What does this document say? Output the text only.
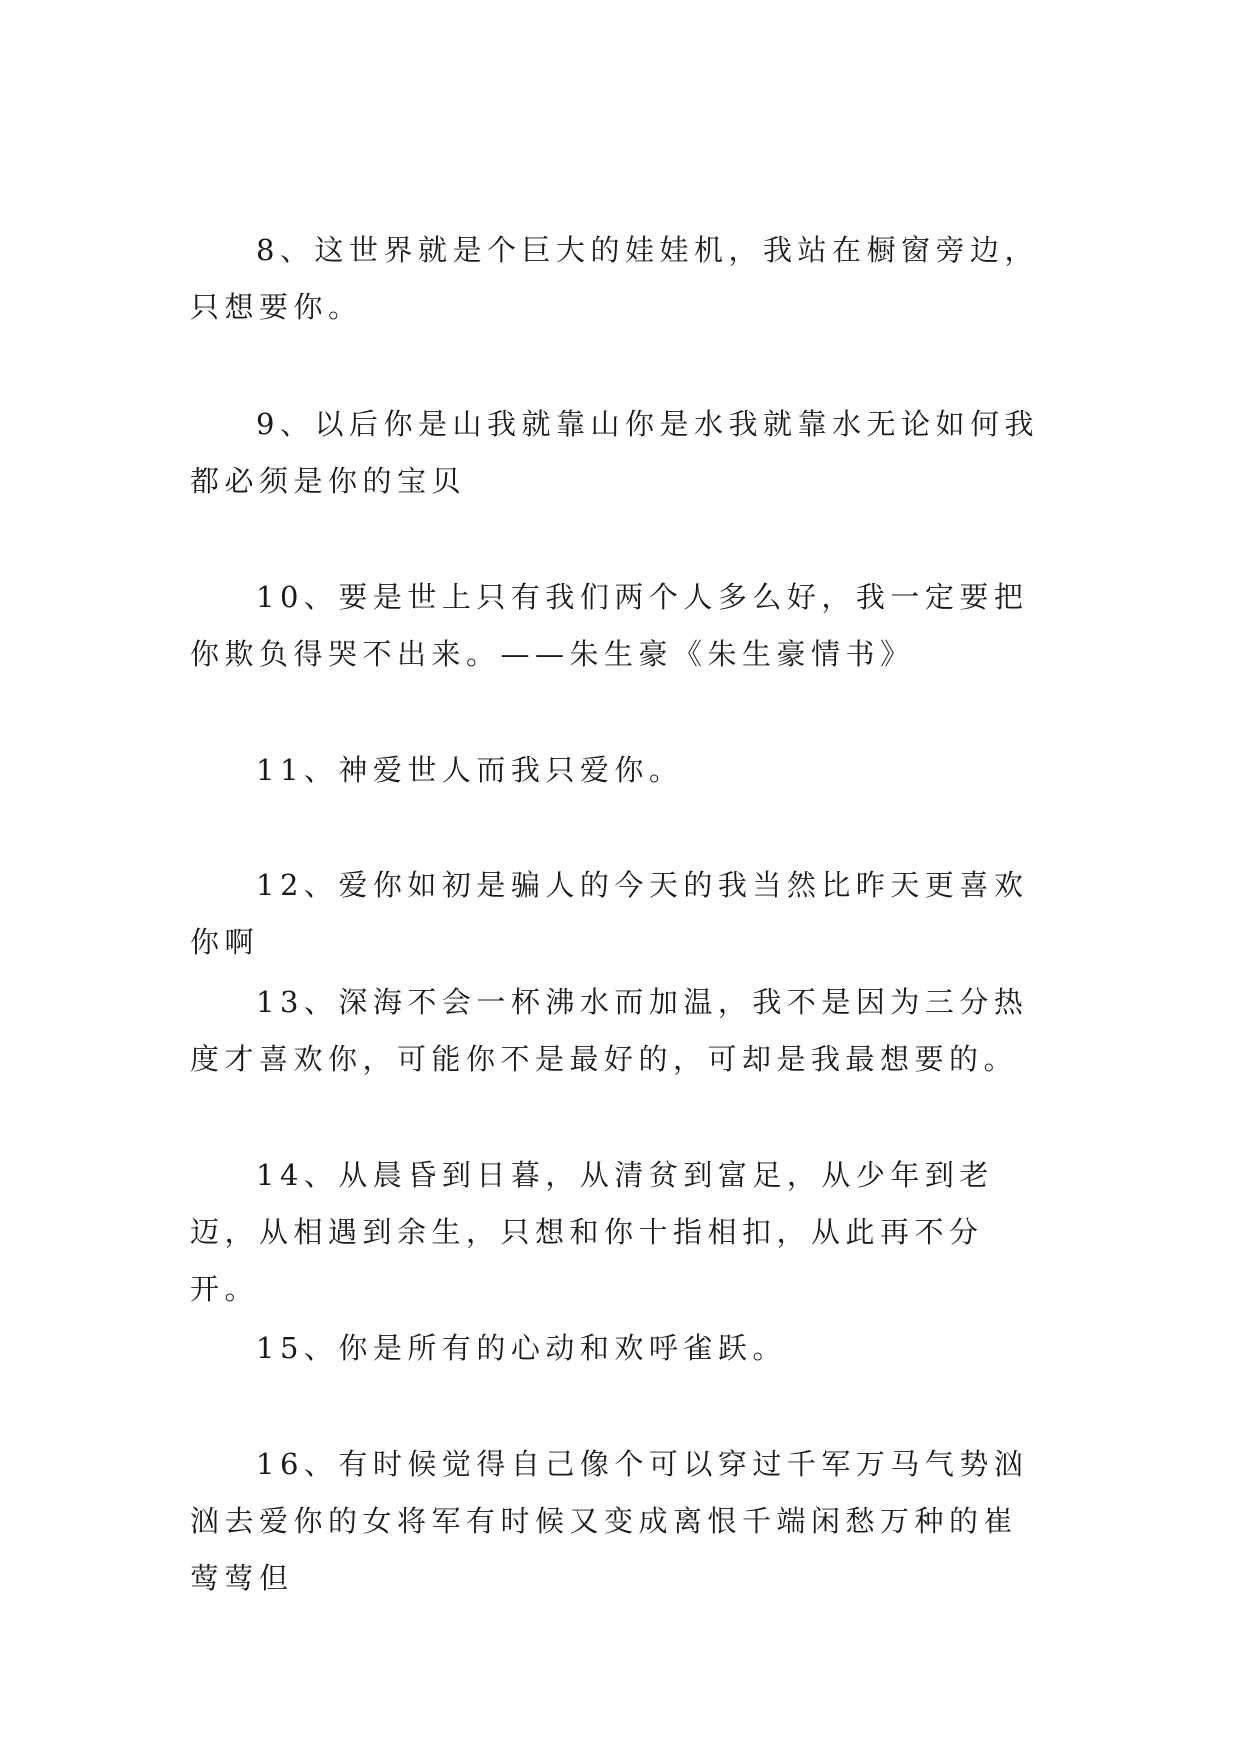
8、这世界就是个巨大的娃娃机，我站在橱窗旁边，只想要你。

9、以后你是山我就靠山你是水我就靠水无论如何我都必须是你的宝贝

10、要是世上只有我们两个人多么好，我一定要把你欺负得哭不出来。——朱生豪《朱生豪情书》

11、神爱世人而我只爱你。

12、爱你如初是骗人的今天的我当然比昨天更喜欢你啊

13、深海不会一杯沸水而加温，我不是因为三分热度才喜欢你，可能你不是最好的，可却是我最想要的。

14、从晨昏到日暮，从清贫到富足，从少年到老迈，从相遇到余生，只想和你十指相扣，从此再不分开。

15、你是所有的心动和欢呼雀跃。

16、有时候觉得自己像个可以穿过千军万马气势汹汹去爱你的女将军有时候又变成离恨千端闲愁万种的崔莺莺但
